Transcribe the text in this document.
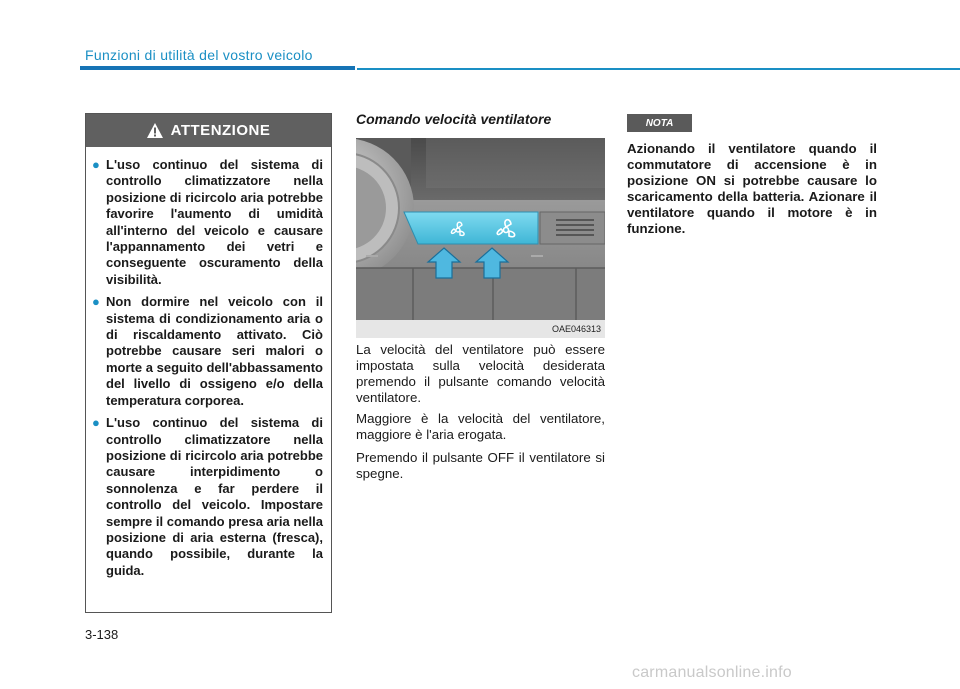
Funzioni di utilità del vostro veicolo
ATTENZIONE
● L'uso continuo del sistema di controllo climatizzatore nella posizione di ricircolo aria potrebbe favorire l'aumento di umidità all'interno del veicolo e causare l'appannamento dei vetri e conseguente oscuramento della visibilità.
● Non dormire nel veicolo con il sistema di condizionamento aria o di riscaldamento attivato. Ciò potrebbe causare seri malori o morte a seguito dell'abbassamento del livello di ossigeno e/o della temperatura corporea.
● L'uso continuo del sistema di controllo climatizzatore nella posizione di ricircolo aria potrebbe causare interpidimento o sonnolenza e far perdere il controllo del veicolo. Impostare sempre il comando presa aria nella posizione di aria esterna (fresca), quando possibile, durante la guida.
Comando velocità ventilatore
OAE046313

La velocità del ventilatore può essere impostata sulla velocità desiderata premendo il pulsante comando velocità ventilatore.

Maggiore è la velocità del ventilatore, maggiore è l'aria erogata.

Premendo il pulsante OFF il ventilatore si spegne.

NOTA

Azionando il ventilatore quando il commutatore di accensione è in posizione ON si potrebbe causare lo scaricamento della batteria. Azionare il ventilatore quando il motore è in funzione.

3-138
carmanualsonline.info
